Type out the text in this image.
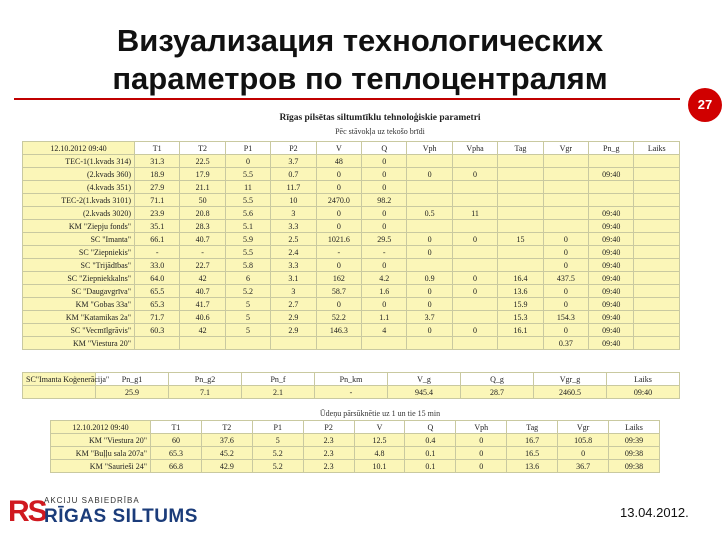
Визуализация технологических
параметров по теплоцентралям
27
Rīgas pilsētas siltumtīklu tehnoloģiskie parametri
Pēc stāvokļa uz tekošo brīdi
12.10.2012 09:40	T1	T2	P1	P2	V	Q	Vph	Vpha	Tag	Vgr	Pn_g	Laiks
TEC-1(1.kvads 314)	31.3	22.5	0	3.7	48	0						
(2.kvads 360)	18.9	17.9	5.5	0.7	0	0	0	0			09:40	
(4.kvads 351)	27.9	21.1	11	11.7	0	0						
TEC-2(1.kvads 3101)	71.1	50	5.5	10	2470.0	98.2						
(2.kvads 3020)	23.9	20.8	5.6	3	0	0	0.5	11			09:40	
KM "Ziepju fonds"	35.1	28.3	5.1	3.3	0	0					09:40	
SC "Imanta"	66.1	40.7	5.9	2.5	1021.6	29.5	0	0	15	0	09:40	
SC "Ziepniekis"	-	-	5.5	2.4	-	-	0			0	09:40	
SC "Trijādības"	33.0	22.7	5.8	3.3	0	0				0	09:40	
SC "Ziepniekkalns"	64.0	42	6	3.1	162	4.2	0.9	0	16.4	437.5	09:40	
SC "Daugavgrīva"	65.5	40.7	5.2	3	58.7	1.6	0	0	13.6	0	09:40	
KM "Gobas 33a"	65.3	41.7	5	2.7	0	0	0		15.9	0	09:40	
KM "Katamikas 2a"	71.7	40.6	5	2.9	52.2	1.1	3.7		15.3	154.3	09:40	
SC "Vecmīlgrāvis"	60.3	42	5	2.9	146.3	4	0	0	16.1	0	09:40	
KM "Viestura 20"										0.37	09:40	
SC"Imanta Koģenerācija"	Pn_g1	Pn_g2	Pn_f	Pn_km	V_g	Q_g	Vgr_g	Laiks
	25.9	7.1	2.1	-	945.4	28.7	2460.5	09:40
Ūdeņu pārsūknētie uz 1 un tie 15 min
12.10.2012 09:40	T1	T2	P1	P2	V	Q	Vph	Tag	Vgr	Laiks
KM "Viestura 20"	60	37.6	5	2.3	12.5	0.4	0	16.7	105.8	09:39
KM "Buļļu sala 207a"	65.3	45.2	5.2	2.3	4.8	0.1	0	16.5	0	09:38
KM "Saurieši 24"	66.8	42.9	5.2	2.3	10.1	0.1	0	13.6	36.7	09:38
RS
AKCIJU SABIEDRĪBA
RĪGAS SILTUMS	13.04.2012.
